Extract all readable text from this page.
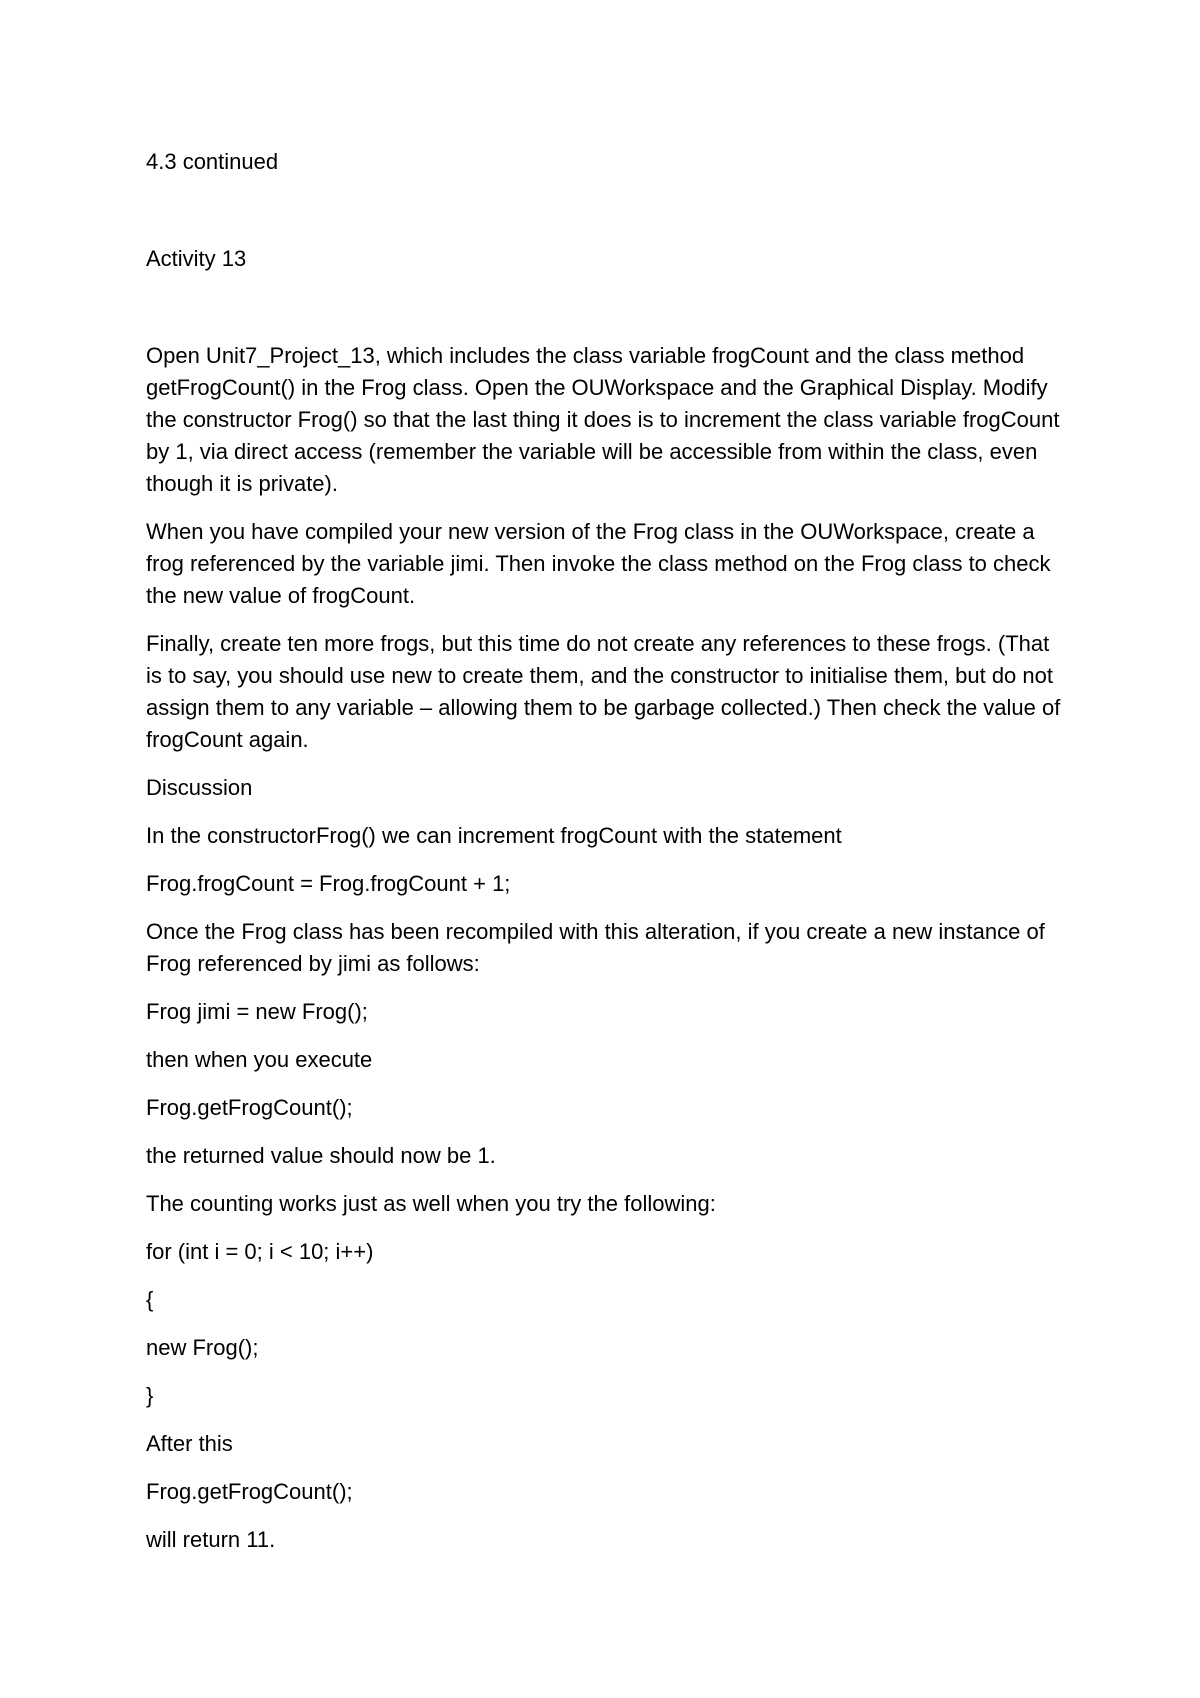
4.3 continued

Activity 13

Open Unit7_Project_13, which includes the class variable frogCount and the class method getFrogCount() in the Frog class. Open the OUWorkspace and the Graphical Display. Modify the constructor Frog() so that the last thing it does is to increment the class variable frogCount by 1, via direct access (remember the variable will be accessible from within the class, even though it is private).

When you have compiled your new version of the Frog class in the OUWorkspace, create a frog referenced by the variable jimi. Then invoke the class method on the Frog class to check the new value of frogCount.

Finally, create ten more frogs, but this time do not create any references to these frogs. (That is to say, you should use new to create them, and the constructor to initialise them, but do not assign them to any variable – allowing them to be garbage collected.) Then check the value of frogCount again.

Discussion

In the constructorFrog() we can increment frogCount with the statement

Frog.frogCount = Frog.frogCount + 1;

Once the Frog class has been recompiled with this alteration, if you create a new instance of Frog referenced by jimi as follows:

Frog jimi = new Frog();

then when you execute

Frog.getFrogCount();

the returned value should now be 1.

The counting works just as well when you try the following:

for (int i = 0; i < 10; i++)

{

new Frog();

}

After this

Frog.getFrogCount();

will return 11.
